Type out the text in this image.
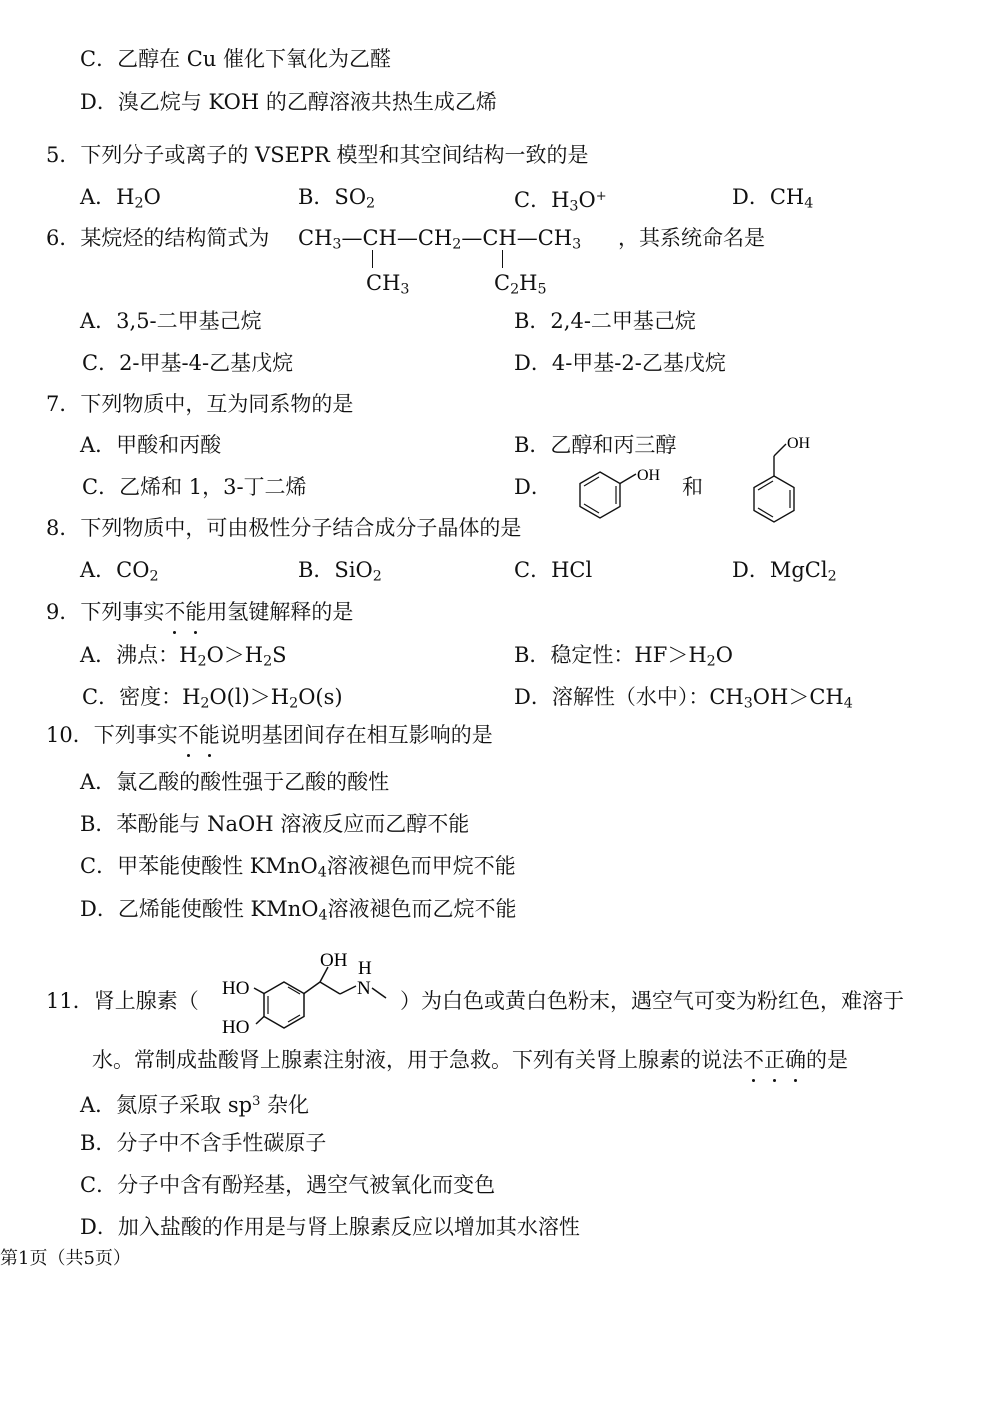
C．乙醇在 Cu 催化下氧化为乙醛
D．溴乙烷与 KOH 的乙醇溶液共热生成乙烯
5．下列分子或离子的 VSEPR 模型和其空间结构一致的是
A．$H_2O$	B．$SO_2$	C．$H_3O^+$	D．$CH_4$
6．某烷烃的结构简式为 $CH_3—CH—CH_2—CH—CH_3$ ，其系统命名是
$CH_3$	$C_2H_5$
A．3,5-二甲基己烷	B．2,4-二甲基己烷
C．2-甲基-4-乙基戊烷	D．4-甲基-2-乙基戊烷
7．下列物质中，互为同系物的是
A．甲酸和丙酸	B．乙醇和丙三醇
C．乙烯和 1，3-丁二烯	D．	OH 和
OH
8．下列物质中，可由极性分子结合成分子晶体的是
A．$CO_2$	B．SiO$_2$	C．HCl	D．MgCl$_2$
9．下列事实不能用氢键解释的是
A．沸点：$H_2O>H_2S$	B．稳定性：$HF>H_2O$
C．密度：$H_2O(l)>H_2O(s)$	D．溶解性（水中）：$CH_3OH>CH_4$
10．下列事实不能说明基团间存在相互影响的是
A．氯乙酸的酸性强于乙酸的酸性
B．苯酚能与 NaOH 溶液反应而乙醇不能
C．甲苯能使酸性 KMnO$_4$溶液褪色而甲烷不能
D．乙烯能使酸性 KMnO$_4$溶液褪色而乙烷不能
11．肾上腺素（
OH H
N
HO
HO
）为白色或黄白色粉末，遇空气可变为粉红色，难溶于
水。常制成盐酸肾上腺素注射液，用于急救。下列有关肾上腺素的说法不正确的是
A．氮原子采取 $sp^3$ 杂化
B．分子中不含手性碳原子
C．分子中含有酚羟基，遇空气被氧化而变色
D．加入盐酸的作用是与肾上腺素反应以增加其水溶性
第1页（共5页）
